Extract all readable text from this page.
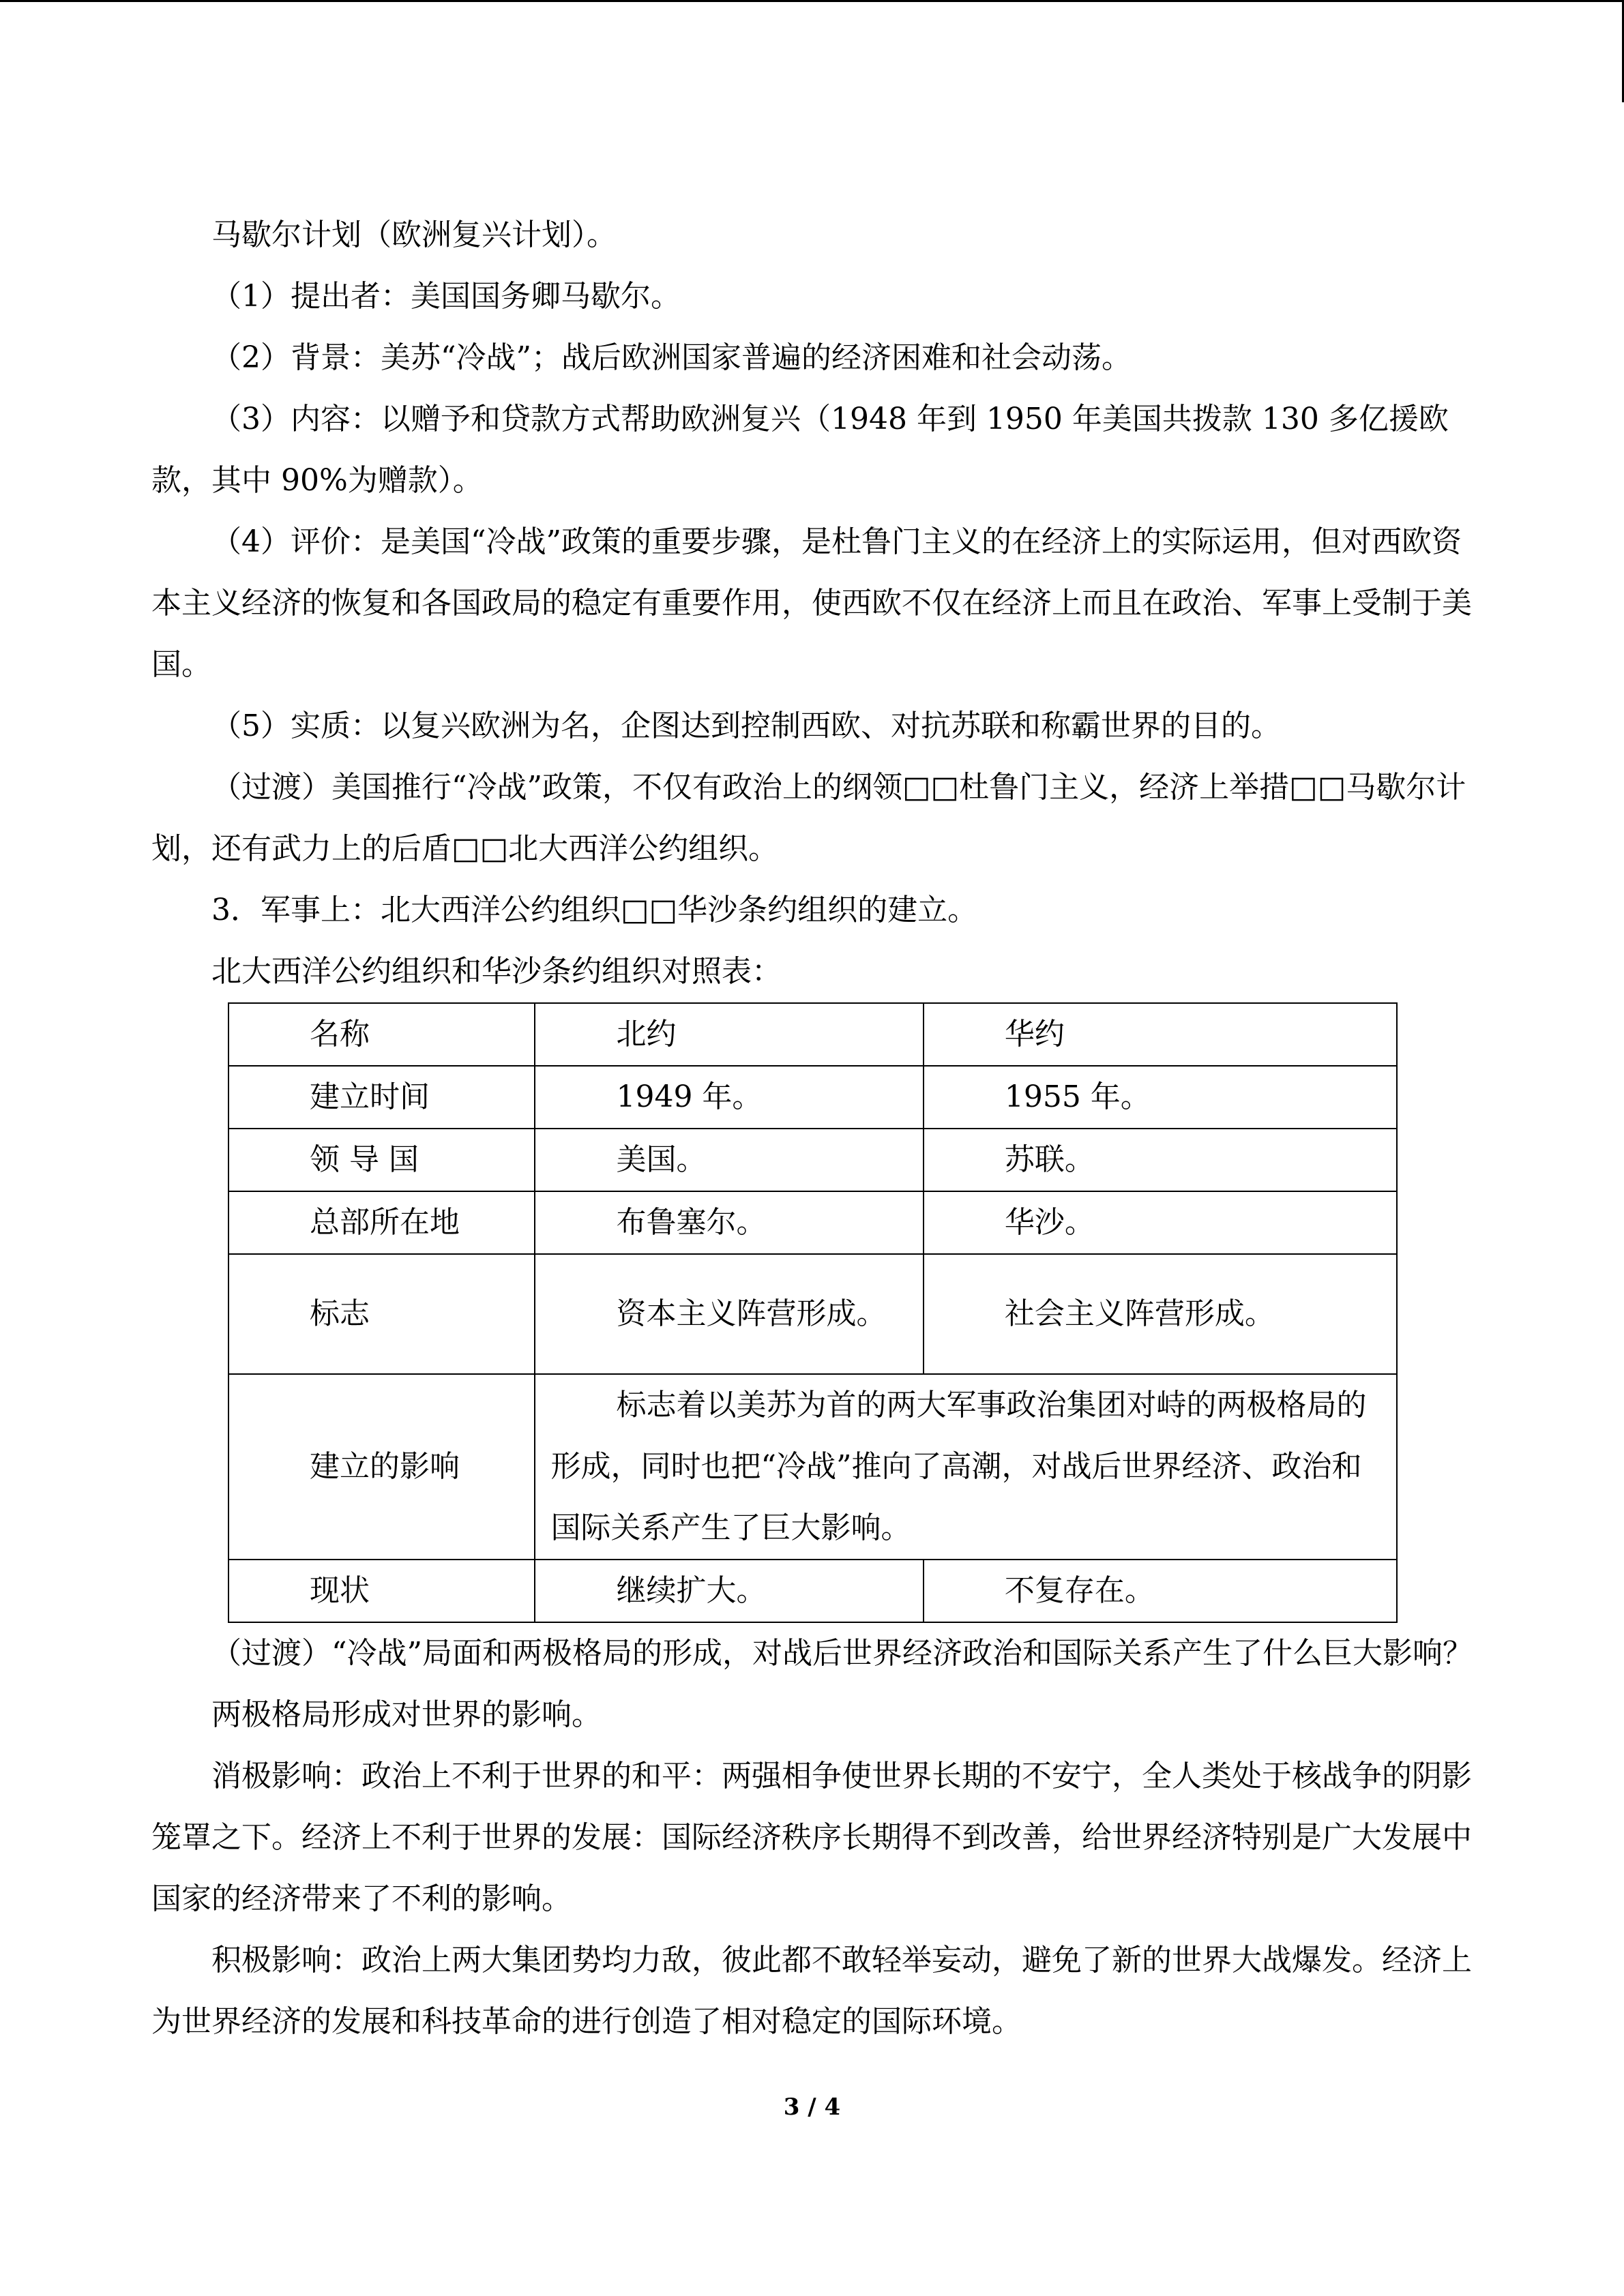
马歇尔计划（欧洲复兴计划）。

（1）提出者：美国国务卿马歇尔。

（2）背景：美苏“冷战”；战后欧洲国家普遍的经济困难和社会动荡。

（3）内容：以赠予和贷款方式帮助欧洲复兴（1948 年到 1950 年美国共拨款 130 多亿援欧款，其中 90%为赠款）。

（4）评价：是美国“冷战”政策的重要步骤，是杜鲁门主义的在经济上的实际运用，但对西欧资本主义经济的恢复和各国政局的稳定有重要作用，使西欧不仅在经济上而且在政治、军事上受制于美国。

（5）实质：以复兴欧洲为名，企图达到控制西欧、对抗苏联和称霸世界的目的。

（过渡）美国推行“冷战”政策，不仅有政治上的纲领□□杜鲁门主义，经济上举措□□马歇尔计划，还有武力上的后盾□□北大西洋公约组织。

3．军事上：北大西洋公约组织□□华沙条约组织的建立。

北大西洋公约组织和华沙条约组织对照表：

名称	北约	华约
建立时间	1949 年。	1955 年。
领 导 国	美国。	苏联。
总部所在地	布鲁塞尔。	华沙。
标志	资本主义阵营形成。	社会主义阵营形成。
建立的影响	标志着以美苏为首的两大军事政治集团对峙的两极格局的形成，同时也把“冷战”推向了高潮，对战后世界经济、政治和国际关系产生了巨大影响。	
现状	继续扩大。	不复存在。

（过渡）“冷战”局面和两极格局的形成，对战后世界经济政治和国际关系产生了什么巨大影响？

两极格局形成对世界的影响。

消极影响：政治上不利于世界的和平：两强相争使世界长期的不安宁，全人类处于核战争的阴影笼罩之下。经济上不利于世界的发展：国际经济秩序长期得不到改善，给世界经济特别是广大发展中国家的经济带来了不利的影响。

积极影响：政治上两大集团势均力敌，彼此都不敢轻举妄动，避免了新的世界大战爆发。经济上为世界经济的发展和科技革命的进行创造了相对稳定的国际环境。

3 / 4
